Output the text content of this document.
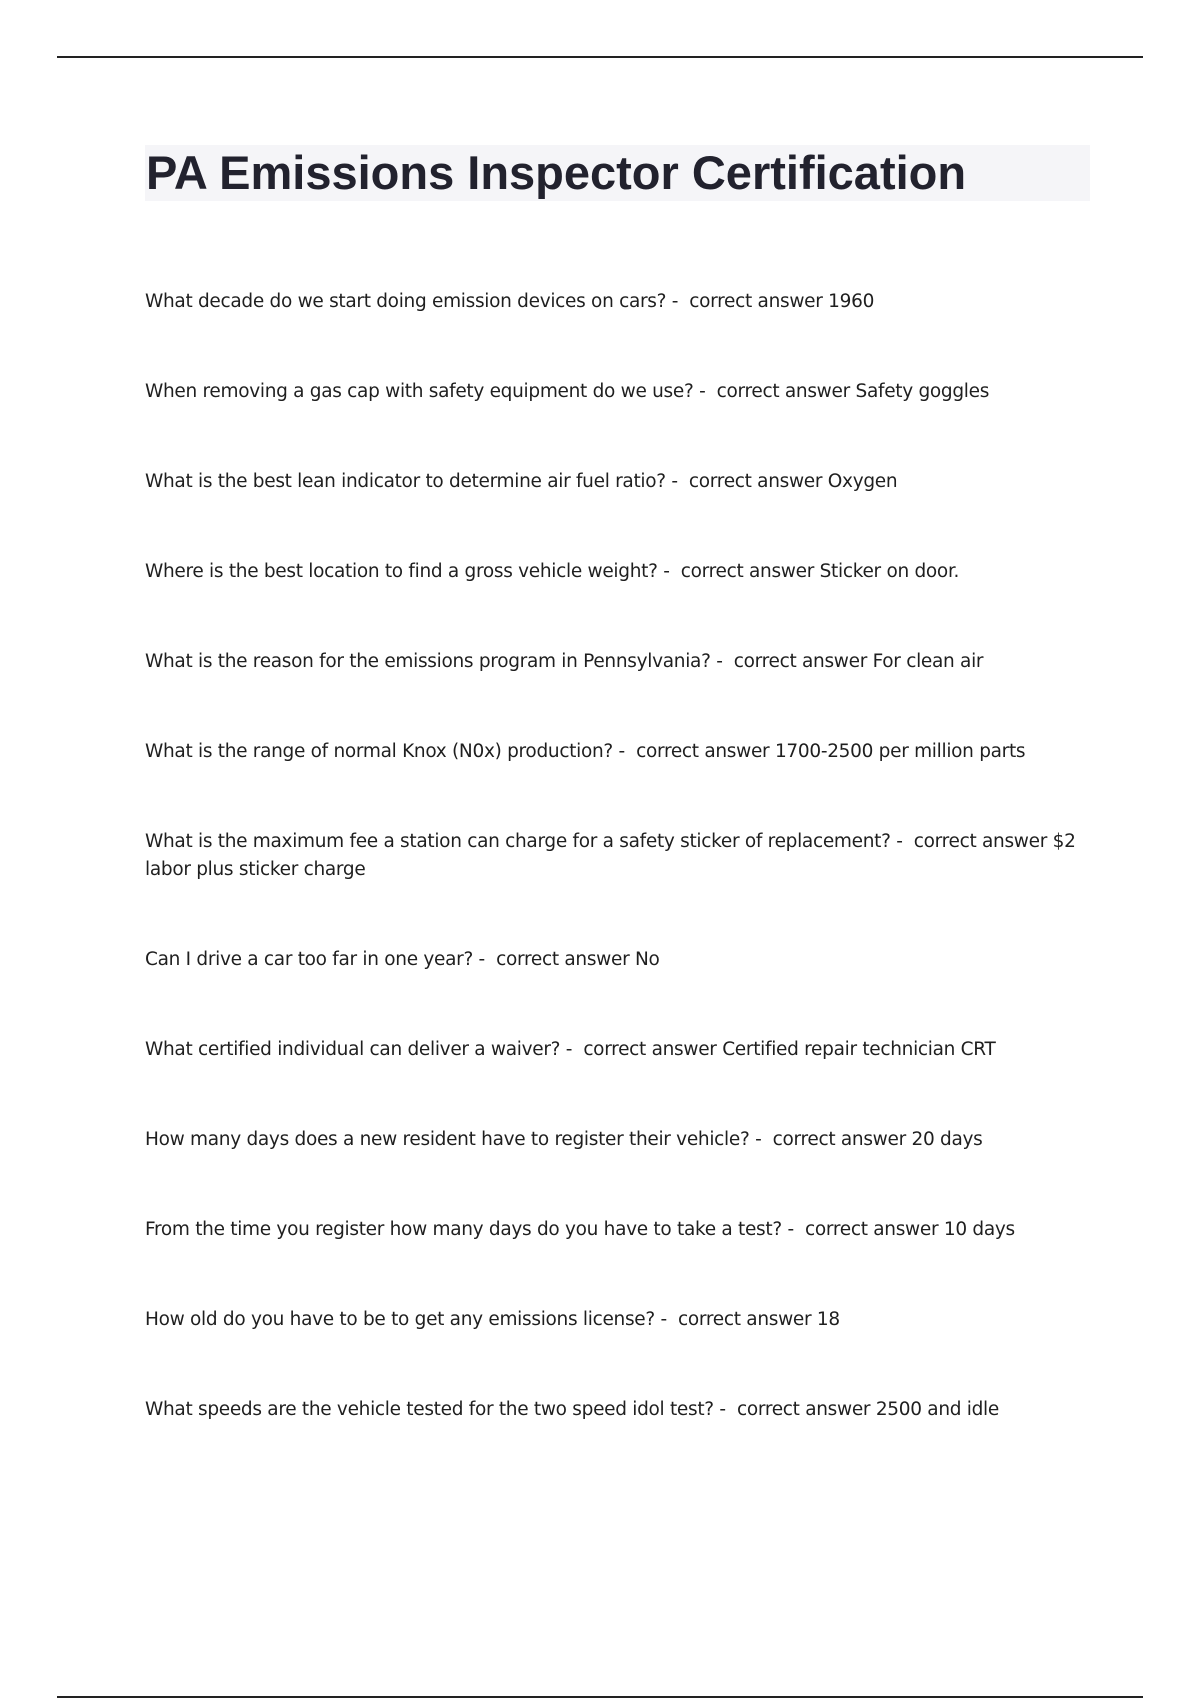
PA Emissions Inspector Certification
What decade do we start doing emission devices on cars? -  correct answer 1960
When removing a gas cap with safety equipment do we use? -  correct answer Safety goggles
What is the best lean indicator to determine air fuel ratio? -  correct answer Oxygen
Where is the best location to find a gross vehicle weight? -  correct answer Sticker on door.
What is the reason for the emissions program in Pennsylvania? -  correct answer For clean air
What is the range of normal Knox (N0x) production? -  correct answer 1700-2500 per million parts
What is the maximum fee a station can charge for a safety sticker of replacement? -  correct answer $2 labor plus sticker charge
Can I drive a car too far in one year? -  correct answer No
What certified individual can deliver a waiver? -  correct answer Certified repair technician CRT
How many days does a new resident have to register their vehicle? -  correct answer 20 days
From the time you register how many days do you have to take a test? -  correct answer 10 days
How old do you have to be to get any emissions license? -  correct answer 18
What speeds are the vehicle tested for the two speed idol test? -  correct answer 2500 and idle
